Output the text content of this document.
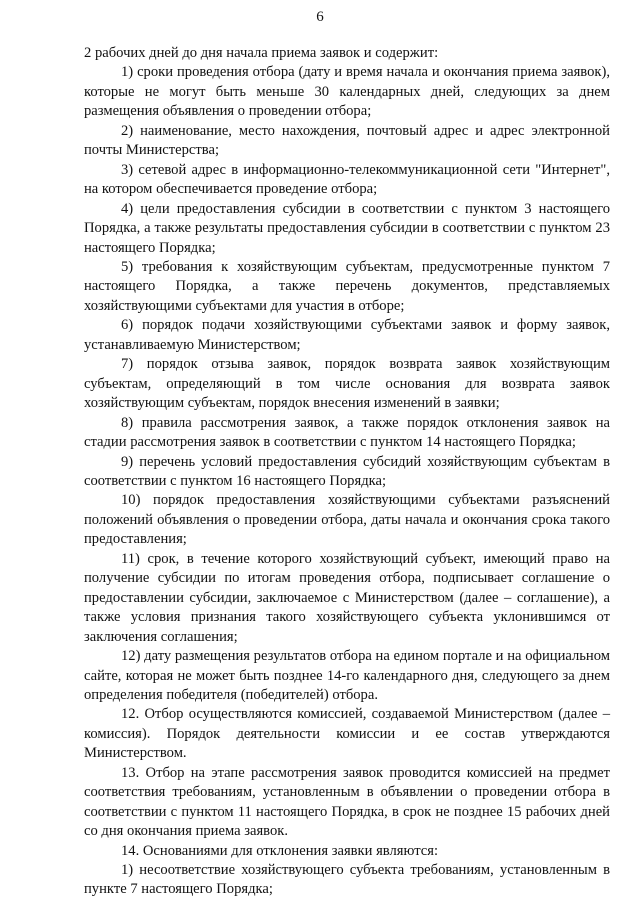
6

2 рабочих дней до дня начала приема заявок и содержит:

1) сроки проведения отбора (дату и время начала и окончания приема заявок), которые не могут быть меньше 30 календарных дней, следующих за днем размещения объявления о проведении отбора;

2) наименование, место нахождения, почтовый адрес и адрес электронной почты Министерства;

3) сетевой адрес в информационно-телекоммуникационной сети "Интернет", на котором обеспечивается проведение отбора;

4) цели предоставления субсидии в соответствии с пунктом 3 настоящего Порядка, а также результаты предоставления субсидии в соответствии с пунктом 23 настоящего Порядка;

5) требования к хозяйствующим субъектам, предусмотренные пунктом 7 настоящего Порядка, а также перечень документов, представляемых хозяйствующими субъектами для участия в отборе;

6) порядок подачи хозяйствующими субъектами заявок и форму заявок, устанавливаемую Министерством;

7) порядок отзыва заявок, порядок возврата заявок хозяйствующим субъектам, определяющий в том числе основания для возврата заявок хозяйствующим субъектам, порядок внесения изменений в заявки;

8) правила рассмотрения заявок, а также порядок отклонения заявок на стадии рассмотрения заявок в соответствии с пунктом 14 настоящего Порядка;

9) перечень условий предоставления субсидий хозяйствующим субъектам в соответствии с пунктом 16 настоящего Порядка;

10) порядок предоставления хозяйствующими субъектами разъяснений положений объявления о проведении отбора, даты начала и окончания срока такого предоставления;

11) срок, в течение которого хозяйствующий субъект, имеющий право на получение субсидии по итогам проведения отбора, подписывает соглашение о предоставлении субсидии, заключаемое с Министерством (далее – соглашение), а также условия признания такого хозяйствующего субъекта уклонившимся от заключения соглашения;

12) дату размещения результатов отбора на едином портале и на официальном сайте, которая не может быть позднее 14-го календарного дня, следующего за днем определения победителя (победителей) отбора.

12. Отбор осуществляются комиссией, создаваемой Министерством (далее – комиссия). Порядок деятельности комиссии и ее состав утверждаются Министерством.

13. Отбор на этапе рассмотрения заявок проводится комиссией на предмет соответствия требованиям, установленным в объявлении о проведении отбора в соответствии с пунктом 11 настоящего Порядка, в срок не позднее 15 рабочих дней со дня окончания приема заявок.

14. Основаниями для отклонения заявки являются:

1) несоответствие хозяйствующего субъекта требованиям, установленным в пункте 7 настоящего Порядка;
